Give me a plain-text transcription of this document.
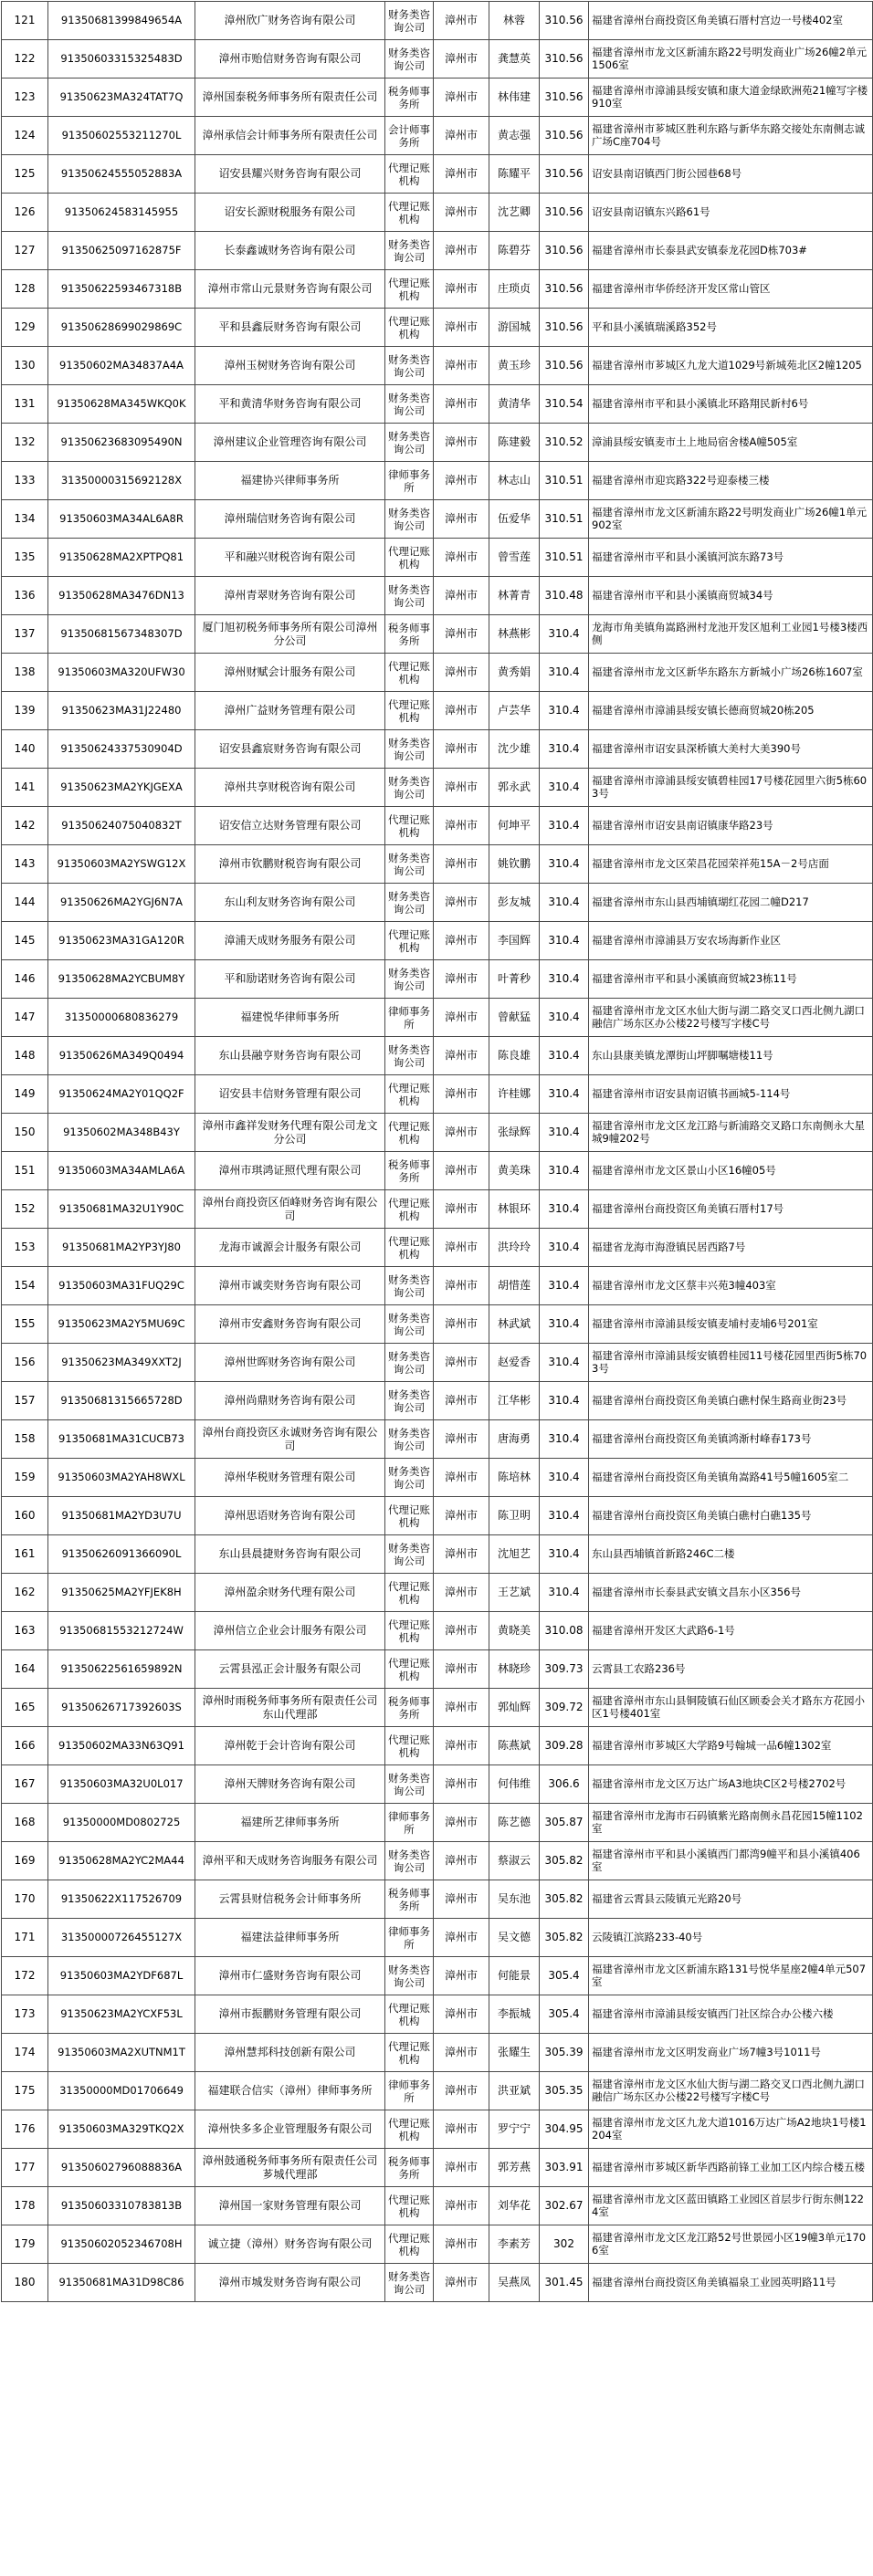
121	91350681399849654A	漳州欣广财务咨询有限公司	财务类咨询公司	漳州市	林蓉	310.56	福建省漳州台商投资区角美镇石厝村宫边一号楼402室
122	91350603315325483D	漳州市贻信财务咨询有限公司	财务类咨询公司	漳州市	龚慧英	310.56	福建省漳州市龙文区新浦东路22号明发商业广场26幢2单元1506室
123	91350623MA324TAT7Q	漳州国泰税务师事务所有限责任公司	税务师事务所	漳州市	林伟建	310.56	福建省漳州市漳浦县绥安镇和康大道金绿欧洲苑21幢写字楼910室
124	91350602553211270L	漳州承信会计师事务所有限责任公司	会计师事务所	漳州市	黄志强	310.56	福建省漳州市芗城区胜利东路与新华东路交接处东南侧志诚广场C座704号
125	91350624555052883A	诏安县耀兴财务咨询有限公司	代理记账机构	漳州市	陈耀平	310.56	诏安县南诏镇西门街公园巷68号
126	91350624583145955	诏安长源财税服务有限公司	代理记账机构	漳州市	沈艺卿	310.56	诏安县南诏镇东兴路61号
127	91350625097162875F	长泰鑫诚财务咨询有限公司	财务类咨询公司	漳州市	陈碧芬	310.56	福建省漳州市长泰县武安镇泰龙花园D栋703#
128	91350622593467318B	漳州市常山元景财务咨询有限公司	代理记账机构	漳州市	庄琐贞	310.56	福建省漳州市华侨经济开发区常山管区
129	91350628699029869C	平和县鑫辰财务咨询有限公司	代理记账机构	漳州市	游国城	310.56	平和县小溪镇瑞溪路352号
130	91350602MA34837A4A	漳州玉树财务咨询有限公司	财务类咨询公司	漳州市	黄玉珍	310.56	福建省漳州市芗城区九龙大道1029号新城苑北区2幢1205
131	91350628MA345WKQ0K	平和黄清华财务咨询有限公司	财务类咨询公司	漳州市	黄清华	310.54	福建省漳州市平和县小溪镇北环路翔民新村6号
132	91350623683095490N	漳州建议企业管理咨询有限公司	财务类咨询公司	漳州市	陈建毅	310.52	漳浦县绥安镇麦市土上地局宿舍楼A幢505室
133	31350000315692128X	福建协兴律师事务所	律师事务所	漳州市	林志山	310.51	福建省漳州市迎宾路322号迎泰楼三楼
134	91350603MA34AL6A8R	漳州瑞信财务咨询有限公司	财务类咨询公司	漳州市	伍爱华	310.51	福建省漳州市龙文区新浦东路22号明发商业广场26幢1单元902室
135	91350628MA2XPTPQ81	平和融兴财税咨询有限公司	代理记账机构	漳州市	曾雪莲	310.51	福建省漳州市平和县小溪镇河滨东路73号
136	91350628MA3476DN13	漳州青翠财务咨询有限公司	财务类咨询公司	漳州市	林菁青	310.48	福建省漳州市平和县小溪镇商贸城34号
137	91350681567348307D	厦门旭初税务师事务所有限公司漳州分公司	税务师事务所	漳州市	林燕彬	310.4	龙海市角美镇角嵩路洲村龙池开发区旭利工业园1号楼3楼西侧
138	91350603MA320UFW30	漳州财赋会计服务有限公司	代理记账机构	漳州市	黄秀娟	310.4	福建省漳州市龙文区新华东路东方新城小广场26栋1607室
139	91350623MA31J22480	漳州广益财务管理有限公司	代理记账机构	漳州市	卢芸华	310.4	福建省漳州市漳浦县绥安镇长德商贸城20栋205
140	91350624337530904D	诏安县鑫宸财务咨询有限公司	财务类咨询公司	漳州市	沈少雄	310.4	福建省漳州市诏安县深桥镇大美村大美390号
141	91350623MA2YKJGEXA	漳州共享财税咨询有限公司	财务类咨询公司	漳州市	郭永武	310.4	福建省漳州市漳浦县绥安镇碧桂园17号楼花园里六街5栋603号
142	91350624075040832T	诏安信立达财务管理有限公司	代理记账机构	漳州市	何坤平	310.4	福建省漳州市诏安县南诏镇康华路23号
143	91350603MA2YSWG12X	漳州市钦鹏财税咨询有限公司	财务类咨询公司	漳州市	姚钦鹏	310.4	福建省漳州市龙文区荣昌花园荣祥苑15A－2号店面
144	91350626MA2YGJ6N7A	东山利友财务咨询有限公司	财务类咨询公司	漳州市	彭友城	310.4	福建省漳州市东山县西埔镇瑚红花园二幢D217
145	91350623MA31GA120R	漳浦天成财务服务有限公司	代理记账机构	漳州市	李国辉	310.4	福建省漳州市漳浦县万安农场海新作业区
146	91350628MA2YCBUM8Y	平和励诺财务咨询有限公司	财务类咨询公司	漳州市	叶菁秒	310.4	福建省漳州市平和县小溪镇商贸城23栋11号
147	31350000680836279	福建悦华律师事务所	律师事务所	漳州市	曾献猛	310.4	福建省漳州市龙文区水仙大街与湖二路交叉口西北侧九湖口融信广场东区办公楼22号楼写字楼C号
148	91350626MA349Q0494	东山县融亨财务咨询有限公司	财务类咨询公司	漳州市	陈良雄	310.4	东山县康美镇龙潭街山坪脚嘱塘楼11号
149	91350624MA2Y01QQ2F	诏安县丰信财务管理有限公司	代理记账机构	漳州市	许桂娜	310.4	福建省漳州市诏安县南诏镇书画城5-114号
150	91350602MA348B43Y	漳州市鑫祥发财务代理有限公司龙文分公司	代理记账机构	漳州市	张绿辉	310.4	福建省漳州市龙文区龙江路与新浦路交叉路口东南侧永大星城9幢202号
151	91350603MA34AMLA6A	漳州市琪鸿证照代理有限公司	税务师事务所	漳州市	黄美珠	310.4	福建省漳州市龙文区景山小区16幢05号
152	91350681MA32U1Y90C	漳州台商投资区佰峰财务咨询有限公司	代理记账机构	漳州市	林银环	310.4	福建省漳州台商投资区角美镇石厝村17号
153	91350681MA2YP3YJ80	龙海市诚源会计服务有限公司	代理记账机构	漳州市	洪玲玲	310.4	福建省龙海市海澄镇民居西路7号
154	91350603MA31FUQ29C	漳州市诚奕财务咨询有限公司	财务类咨询公司	漳州市	胡惜莲	310.4	福建省漳州市龙文区蔡丰兴苑3幢403室
155	91350623MA2Y5MU69C	漳州市安鑫财务咨询有限公司	财务类咨询公司	漳州市	林武斌	310.4	福建省漳州市漳浦县绥安镇麦埔村麦埔6号201室
156	91350623MA349XXT2J	漳州世晖财务咨询有限公司	财务类咨询公司	漳州市	赵爱香	310.4	福建省漳州市漳浦县绥安镇碧桂园11号楼花园里西街5栋703号
157	91350681315665728D	漳州尚鼎财务咨询有限公司	财务类咨询公司	漳州市	江华彬	310.4	福建省漳州台商投资区角美镇白礁村保生路商业街23号
158	91350681MA31CUCB73	漳州台商投资区永诚财务咨询有限公司	财务类咨询公司	漳州市	唐海勇	310.4	福建省漳州台商投资区角美镇鸿渐村峰春173号
159	91350603MA2YAH8WXL	漳州华税财务管理有限公司	财务类咨询公司	漳州市	陈培林	310.4	福建省漳州台商投资区角美镇角嵩路41号5幢1605室二
160	91350681MA2YD3U7U	漳州思语财务咨询有限公司	代理记账机构	漳州市	陈卫明	310.4	福建省漳州台商投资区角美镇白礁村白礁135号
161	91350626091366090L	东山县晨捷财务咨询有限公司	财务类咨询公司	漳州市	沈旭艺	310.4	东山县西埔镇首新路246C二楼
162	91350625MA2YFJEK8H	漳州盈余财务代理有限公司	代理记账机构	漳州市	王艺斌	310.4	福建省漳州市长泰县武安镇文昌东小区356号
163	91350681553212724W	漳州信立企业会计服务有限公司	代理记账机构	漳州市	黄晓美	310.08	福建省漳州开发区大武路6-1号
164	91350622561659892N	云霄县泓正会计服务有限公司	代理记账机构	漳州市	林晓珍	309.73	云霄县工农路236号
165	91350626717392603S	漳州时雨税务师事务所有限责任公司东山代理部	税务师事务所	漳州市	郭灿辉	309.72	福建省漳州市东山县铜陵镇石仙区顾委会关才路东方花园小区1号楼401室
166	91350602MA33N63Q91	漳州乾于会计咨询有限公司	代理记账机构	漳州市	陈燕斌	309.28	福建省漳州市芗城区大学路9号翰城一品6幢1302室
167	91350603MA32U0L017	漳州天牌财务咨询有限公司	财务类咨询公司	漳州市	何伟维	306.6	福建省漳州市龙文区万达广场A3地块C区2号楼2702号
168	91350000MD0802725	福建所艺律师事务所	律师事务所	漳州市	陈艺德	305.87	福建省漳州市龙海市石码镇紫光路南侧永昌花园15幢1102室
169	91350628MA2YC2MA44	漳州平和天成财务咨询服务有限公司	财务类咨询公司	漳州市	蔡淑云	305.82	福建省漳州市平和县小溪镇西门都湾9幢平和县小溪镇406室
170	91350622X117526709	云霄县财信税务会计师事务所	税务师事务所	漳州市	吴东池	305.82	福建省云霄县云陵镇元光路20号
171	31350000726455127X	福建法益律师事务所	律师事务所	漳州市	吴文德	305.82	云陵镇江滨路233-40号
172	91350603MA2YDF687L	漳州市仁盛财务咨询有限公司	财务类咨询公司	漳州市	何能景	305.4	福建省漳州市龙文区新浦东路131号悦华星座2幢4单元507室
173	91350623MA2YCXF53L	漳州市振鹏财务管理有限公司	代理记账机构	漳州市	李振城	305.4	福建省漳州市漳浦县绥安镇西门社区综合办公楼六楼
174	91350603MA2XUTNM1T	漳州慧邦科技创新有限公司	代理记账机构	漳州市	张耀生	305.39	福建省漳州市龙文区明发商业广场7幢3号1011号
175	31350000MD01706649	福建联合信实（漳州）律师事务所	律师事务所	漳州市	洪亚斌	305.35	福建省漳州市龙文区水仙大街与湖二路交叉口西北侧九湖口融信广场东区办公楼22号楼写字楼C号
176	91350603MA329TKQ2X	漳州快多多企业管理服务有限公司	代理记账机构	漳州市	罗宁宁	304.95	福建省漳州市龙文区九龙大道1016万达广场A2地块1号楼1204室
177	91350602796088836A	漳州鼓通税务师事务所有限责任公司芗城代理部	税务师事务所	漳州市	郭芳燕	303.91	福建省漳州市芗城区新华西路前锋工业加工区内综合楼五楼
178	91350603310783813B	漳州国一家财务管理有限公司	代理记账机构	漳州市	刘华花	302.67	福建省漳州市龙文区蓝田镇路工业园区首层步行街东侧1224室
179	91350602052346708H	诚立捷（漳州）财务咨询有限公司	代理记账机构	漳州市	李素芳	302	福建省漳州市龙文区龙江路52号世景园小区19幢3单元1706室
180	91350681MA31D98C86	漳州市城发财务咨询有限公司	财务类咨询公司	漳州市	吴燕凤	301.45	福建省漳州台商投资区角美镇福泉工业园英明路11号
